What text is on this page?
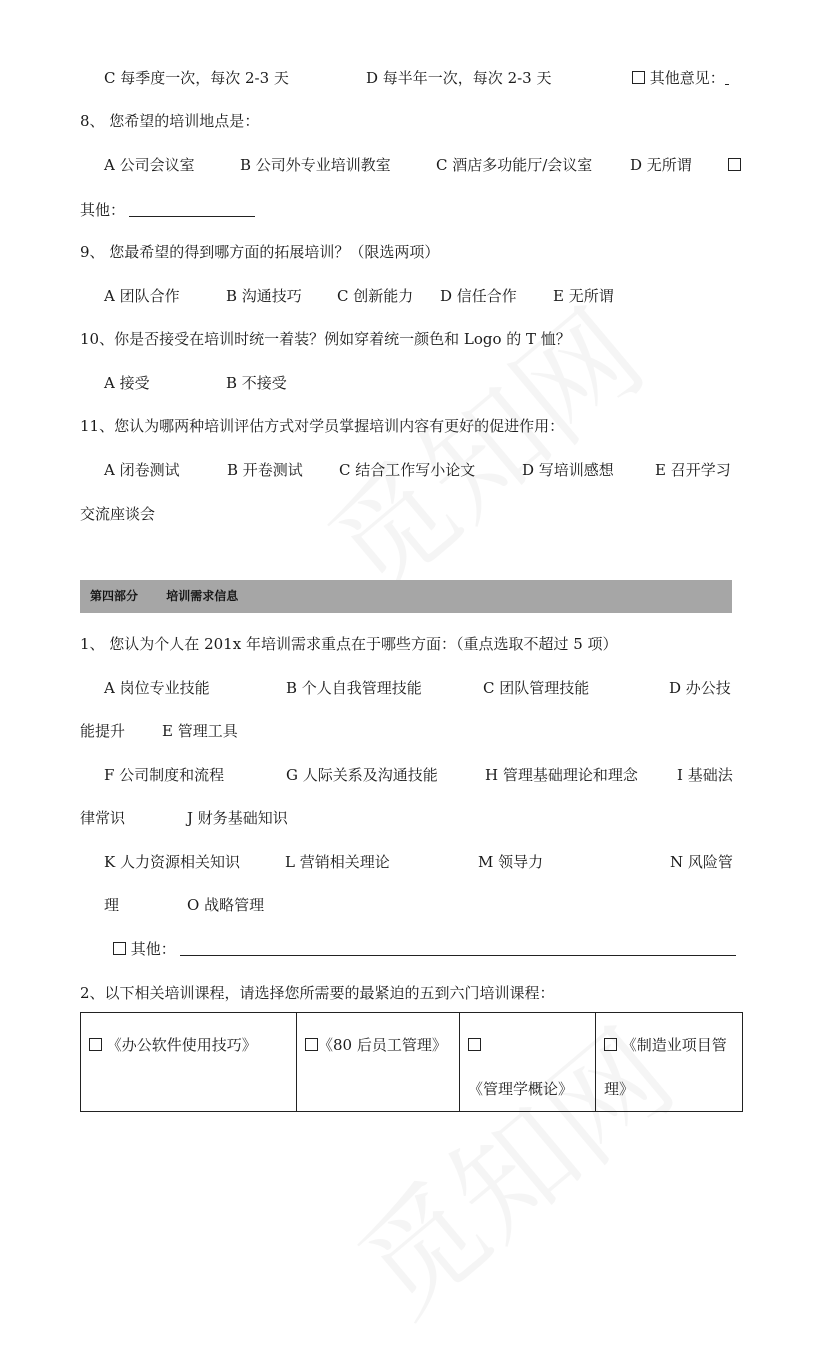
C 每季度一次，每次 2-3 天	D 每半年一次，每次 2-3 天	其他意见：
8、 您希望的培训地点是：
A 公司会议室	B 公司外专业培训教室	C 酒店多功能厅/会议室	D 无所谓
其他：
9、 您最希望的得到哪方面的拓展培训？（限选两项）
A 团队合作	B 沟通技巧 C 创新能力 D 信任合作 E 无所谓
10、你是否接受在培训时统一着装？例如穿着统一颜色和 Logo 的 T 恤？
A 接受	B 不接受
11、您认为哪两种培训评估方式对学员掌握培训内容有更好的促进作用：
A 闭卷测试	B 开卷测试 C 结合工作写小论文	D 写培训感想	E 召开学习
交流座谈会
第四部分 培训需求信息
1、 您认为个人在 201x 年培训需求重点在于哪些方面：（重点选取不超过 5 项）
A 岗位专业技能	B 个人自我管理技能	C 团队管理技能	D 办公技
能提升 E 管理工具
F 公司制度和流程	G 人际关系及沟通技能	H 管理基础理论和理念	I 基础法
律常识	J 财务基础知识
K 人力资源相关知识	L 营销相关理论	M 领导力	N 风险管
理	O 战略管理
其他：
2、以下相关培训课程，请选择您所需要的最紧迫的五到六门培训课程：
《办公软件使用技巧》	《80 后员工管理》	《管理学概论》	《制造业项目管理》
